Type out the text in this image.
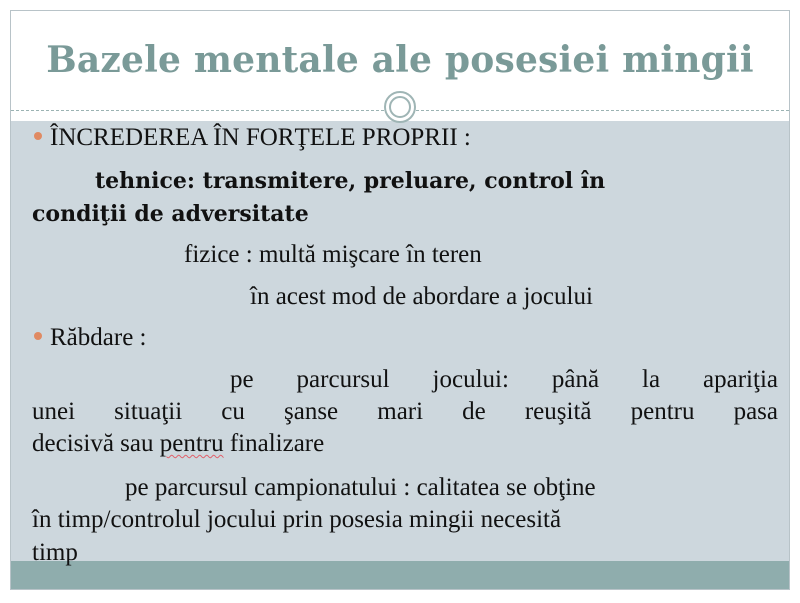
Bazele mentale ale posesiei mingii
ÎNCREDEREA ÎN FORŢELE PROPRII :
tehnice: transmitere, preluare, control în
condiţii de adversitate
fizice : multă mişcare în teren
în acest mod de abordare a jocului
Răbdare :
pe parcursul jocului: până la apariţia
unei situaţii cu şanse mari de reuşită pentru pasa
decisivă sau pentru finalizare
pe parcursul campionatului : calitatea se obţine
în timp/controlul jocului prin posesia mingii necesită
timp
